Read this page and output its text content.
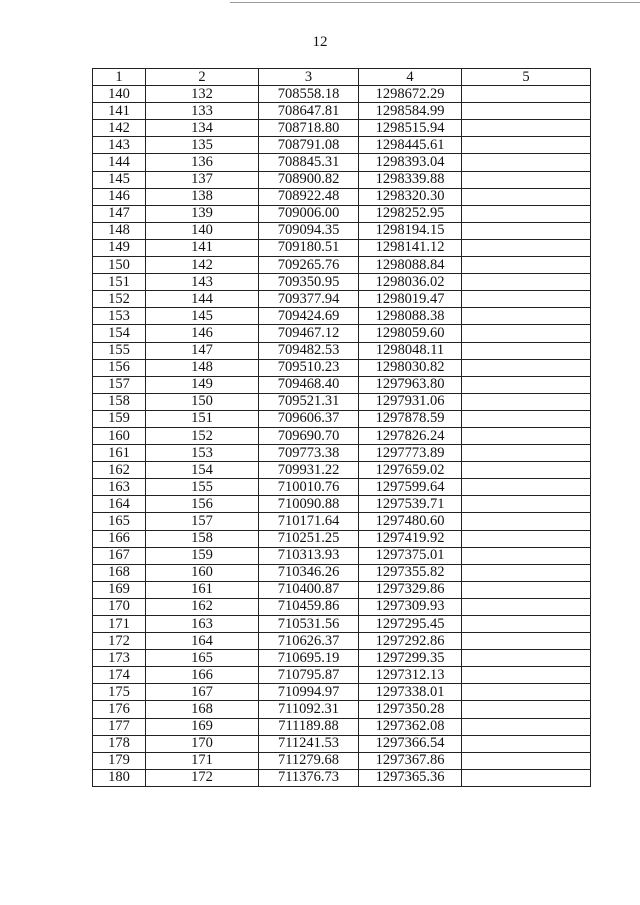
12
1	2	3	4	5
140	132	708558.18	1298672.29	
141	133	708647.81	1298584.99	
142	134	708718.80	1298515.94	
143	135	708791.08	1298445.61	
144	136	708845.31	1298393.04	
145	137	708900.82	1298339.88	
146	138	708922.48	1298320.30	
147	139	709006.00	1298252.95	
148	140	709094.35	1298194.15	
149	141	709180.51	1298141.12	
150	142	709265.76	1298088.84	
151	143	709350.95	1298036.02	
152	144	709377.94	1298019.47	
153	145	709424.69	1298088.38	
154	146	709467.12	1298059.60	
155	147	709482.53	1298048.11	
156	148	709510.23	1298030.82	
157	149	709468.40	1297963.80	
158	150	709521.31	1297931.06	
159	151	709606.37	1297878.59	
160	152	709690.70	1297826.24	
161	153	709773.38	1297773.89	
162	154	709931.22	1297659.02	
163	155	710010.76	1297599.64	
164	156	710090.88	1297539.71	
165	157	710171.64	1297480.60	
166	158	710251.25	1297419.92	
167	159	710313.93	1297375.01	
168	160	710346.26	1297355.82	
169	161	710400.87	1297329.86	
170	162	710459.86	1297309.93	
171	163	710531.56	1297295.45	
172	164	710626.37	1297292.86	
173	165	710695.19	1297299.35	
174	166	710795.87	1297312.13	
175	167	710994.97	1297338.01	
176	168	711092.31	1297350.28	
177	169	711189.88	1297362.08	
178	170	711241.53	1297366.54	
179	171	711279.68	1297367.86	
180	172	711376.73	1297365.36	
